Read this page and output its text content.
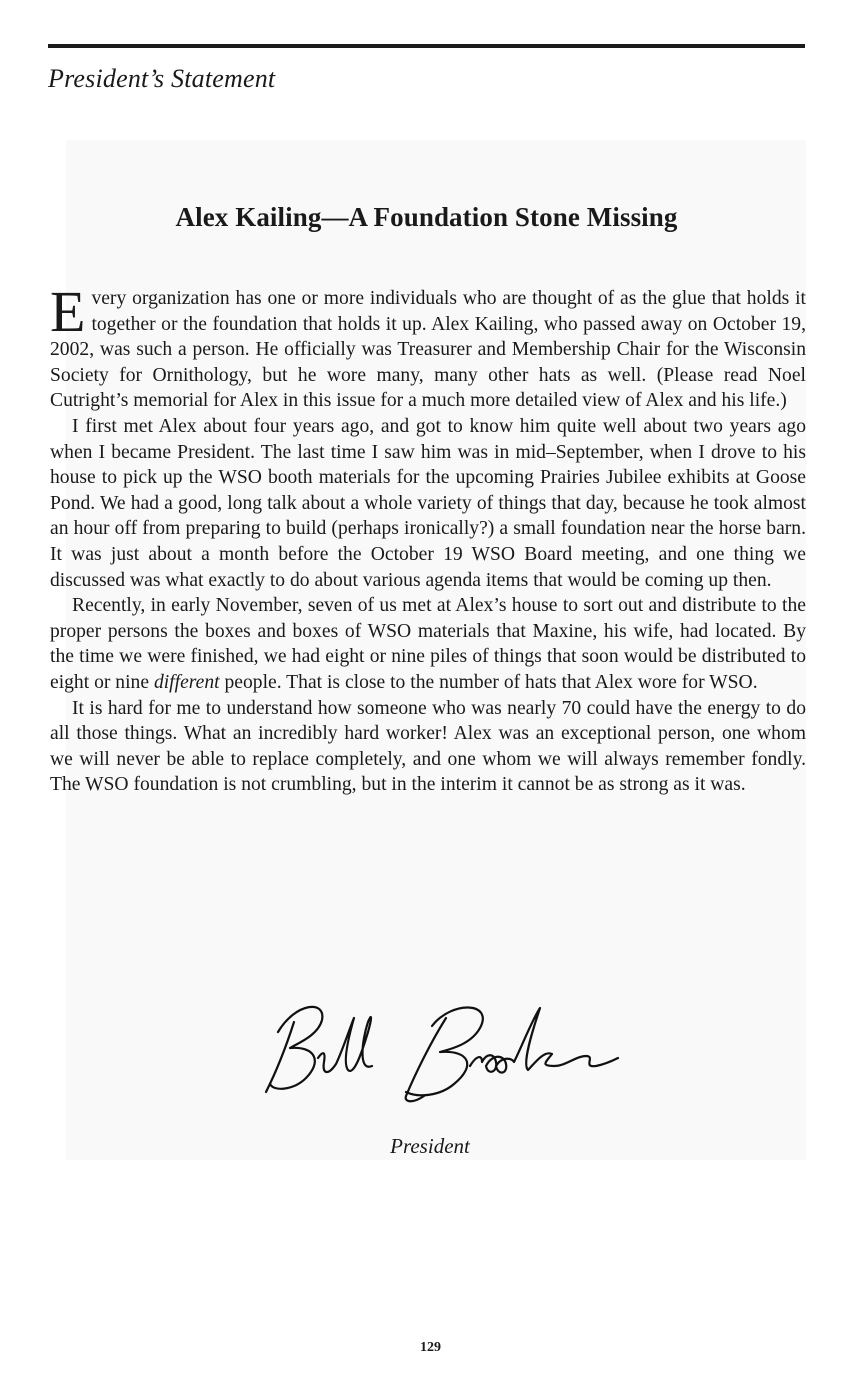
President’s Statement
Alex Kailing—A Foundation Stone Missing

Every organization has one or more individuals who are thought of as the glue that holds it together or the foundation that holds it up. Alex Kailing, who passed away on October 19, 2002, was such a person. He officially was Treasurer and Membership Chair for the Wisconsin Society for Ornithology, but he wore many, many other hats as well. (Please read Noel Cutright’s memorial for Alex in this issue for a much more detailed view of Alex and his life.)

I first met Alex about four years ago, and got to know him quite well about two years ago when I became President. The last time I saw him was in mid–September, when I drove to his house to pick up the WSO booth materials for the upcoming Prairies Jubilee exhibits at Goose Pond. We had a good, long talk about a whole variety of things that day, because he took almost an hour off from preparing to build (perhaps ironically?) a small foundation near the horse barn. It was just about a month before the October 19 WSO Board meeting, and one thing we discussed was what exactly to do about various agenda items that would be coming up then.

Recently, in early November, seven of us met at Alex’s house to sort out and distribute to the proper persons the boxes and boxes of WSO materials that Maxine, his wife, had located. By the time we were finished, we had eight or nine piles of things that soon would be distributed to eight or nine different people. That is close to the number of hats that Alex wore for WSO.

It is hard for me to understand how someone who was nearly 70 could have the energy to do all those things. What an incredibly hard worker! Alex was an exceptional person, one whom we will never be able to replace completely, and one whom we will always remember fondly. The WSO foundation is not crumbling, but in the interim it cannot be as strong as it was.

President

129
